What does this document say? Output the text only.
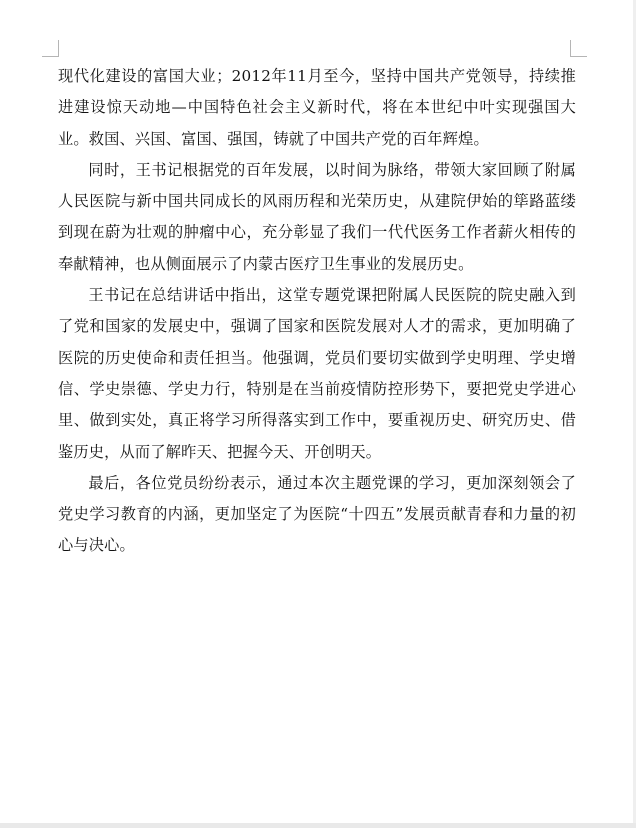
现代化建设的富国大业；2012年11月至今，坚持中国共产党领导，持续推进建设惊天动地—中国特色社会主义新时代，将在本世纪中叶实现强国大业。救国、兴国、富国、强国，铸就了中国共产党的百年辉煌。

同时，王书记根据党的百年发展，以时间为脉络，带领大家回顾了附属人民医院与新中国共同成长的风雨历程和光荣历史，从建院伊始的筚路蓝缕到现在蔚为壮观的肿瘤中心，充分彰显了我们一代代医务工作者薪火相传的奉献精神，也从侧面展示了内蒙古医疗卫生事业的发展历史。

王书记在总结讲话中指出，这堂专题党课把附属人民医院的院史融入到了党和国家的发展史中，强调了国家和医院发展对人才的需求，更加明确了医院的历史使命和责任担当。他强调，党员们要切实做到学史明理、学史增信、学史崇德、学史力行，特别是在当前疫情防控形势下，要把党史学进心里、做到实处，真正将学习所得落实到工作中，要重视历史、研究历史、借鉴历史，从而了解昨天、把握今天、开创明天。

最后，各位党员纷纷表示，通过本次主题党课的学习，更加深刻领会了党史学习教育的内涵，更加坚定了为医院“十四五”发展贡献青春和力量的初心与决心。
